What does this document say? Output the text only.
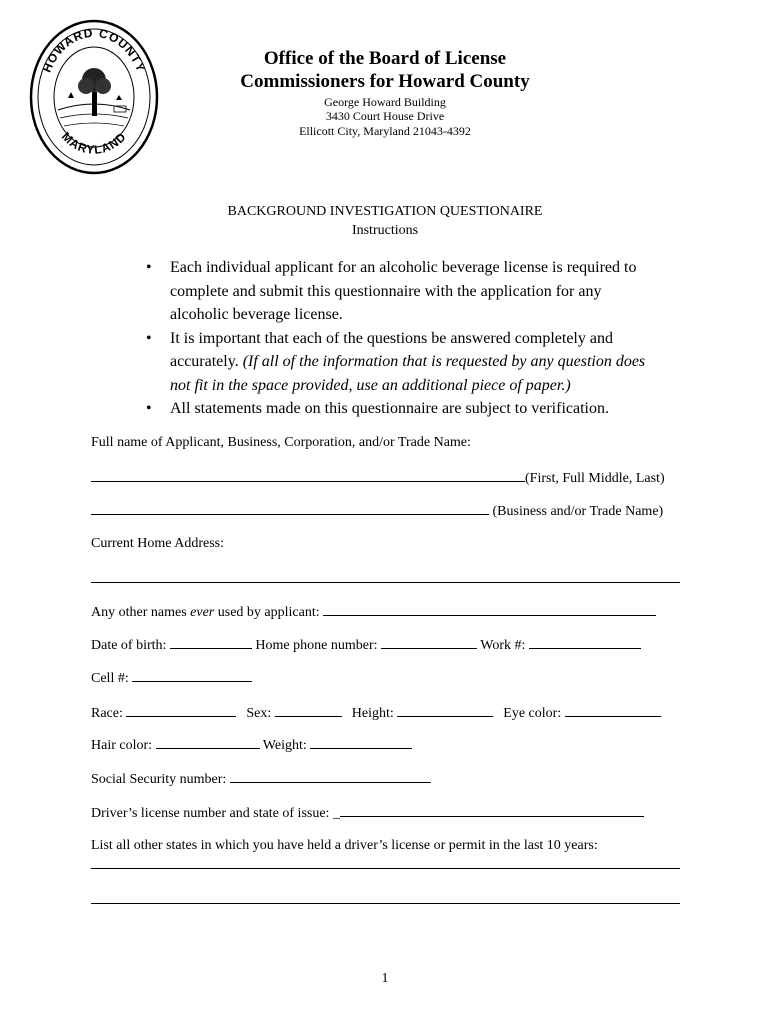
HOWARD COUNTY
MARYLAND
Office of the Board of License
Commissioners for Howard County
George Howard Building
3430 Court House Drive
Ellicott City, Maryland 21043-4392
BACKGROUND INVESTIGATION QUESTIONAIRE
Instructions
• Each individual applicant for an alcoholic beverage license is required to complete and submit this questionnaire with the application for any alcoholic beverage license.
• It is important that each of the questions be answered completely and accurately. (If all of the information that is requested by any question does not fit in the space provided, use an additional piece of paper.)
• All statements made on this questionnaire are subject to verification.
Full name of Applicant, Business, Corporation, and/or Trade Name:
(First, Full Middle, Last)
(Business and/or Trade Name)
Current Home Address:
Any other names ever used by applicant:
Date of birth:	Home phone number:	Work #:
Cell #:
Race:	Sex:	Height:	Eye color:
Hair color:	Weight:
Social Security number:
Driver’s license number and state of issue: _
List all other states in which you have held a driver’s license or permit in the last 10 years:
1
